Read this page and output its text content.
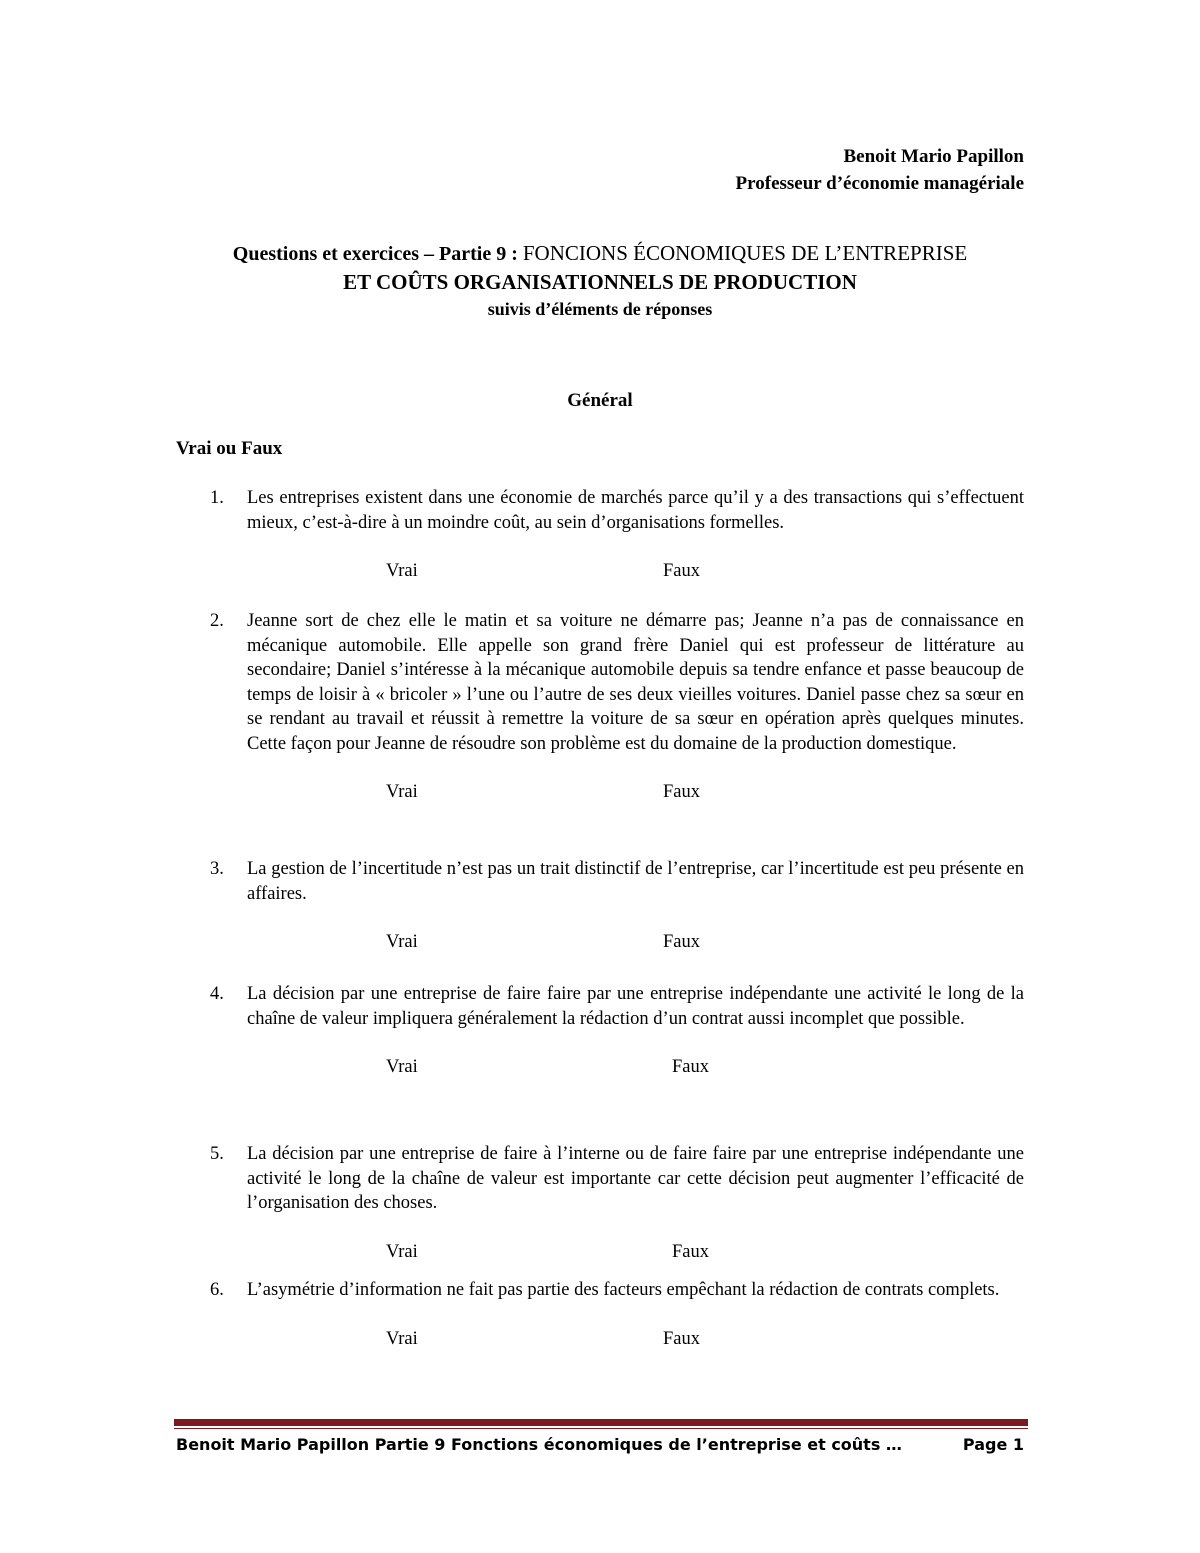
Benoit Mario Papillon
Professeur d’économie managériale
Questions et exercices – Partie 9 : FONCIONS ÉCONOMIQUES DE L’ENTREPRISE
ET COÛTS ORGANISATIONNELS DE PRODUCTION
suivis d’éléments de réponses
Général
Vrai ou Faux
1.	Les entreprises existent dans une économie de marchés parce qu’il y a des transactions qui s’effectuent mieux, c’est-à-dire à un moindre coût, au sein d’organisations formelles.
Vrai	Faux
2.	Jeanne sort de chez elle le matin et sa voiture ne démarre pas; Jeanne n’a pas de connaissance en mécanique automobile. Elle appelle son grand frère Daniel qui est professeur de littérature au secondaire; Daniel s’intéresse à la mécanique automobile depuis sa tendre enfance et passe beaucoup de temps de loisir à « bricoler » l’une ou l’autre de ses deux vieilles voitures. Daniel passe chez sa sœur en se rendant au travail et réussit à remettre la voiture de sa sœur en opération après quelques minutes. Cette façon pour Jeanne de résoudre son problème est du domaine de la production domestique.
Vrai	Faux
3.	La gestion de l’incertitude n’est pas un trait distinctif de l’entreprise, car l’incertitude est peu présente en affaires.
Vrai	Faux
4.	La décision par une entreprise de faire faire par une entreprise indépendante une activité le long de la chaîne de valeur impliquera généralement la rédaction d’un contrat aussi incomplet que possible.
Vrai	Faux
5.	La décision par une entreprise de faire à l’interne ou de faire faire par une entreprise indépendante une activité le long de la chaîne de valeur est importante car cette décision peut augmenter l’efficacité de l’organisation des choses.
Vrai	Faux
6.	L’asymétrie d’information ne fait pas partie des facteurs empêchant la rédaction de contrats complets.
Vrai	Faux
Benoit Mario Papillon Partie 9 Fonctions économiques de l’entreprise et coûts …	Page 1
